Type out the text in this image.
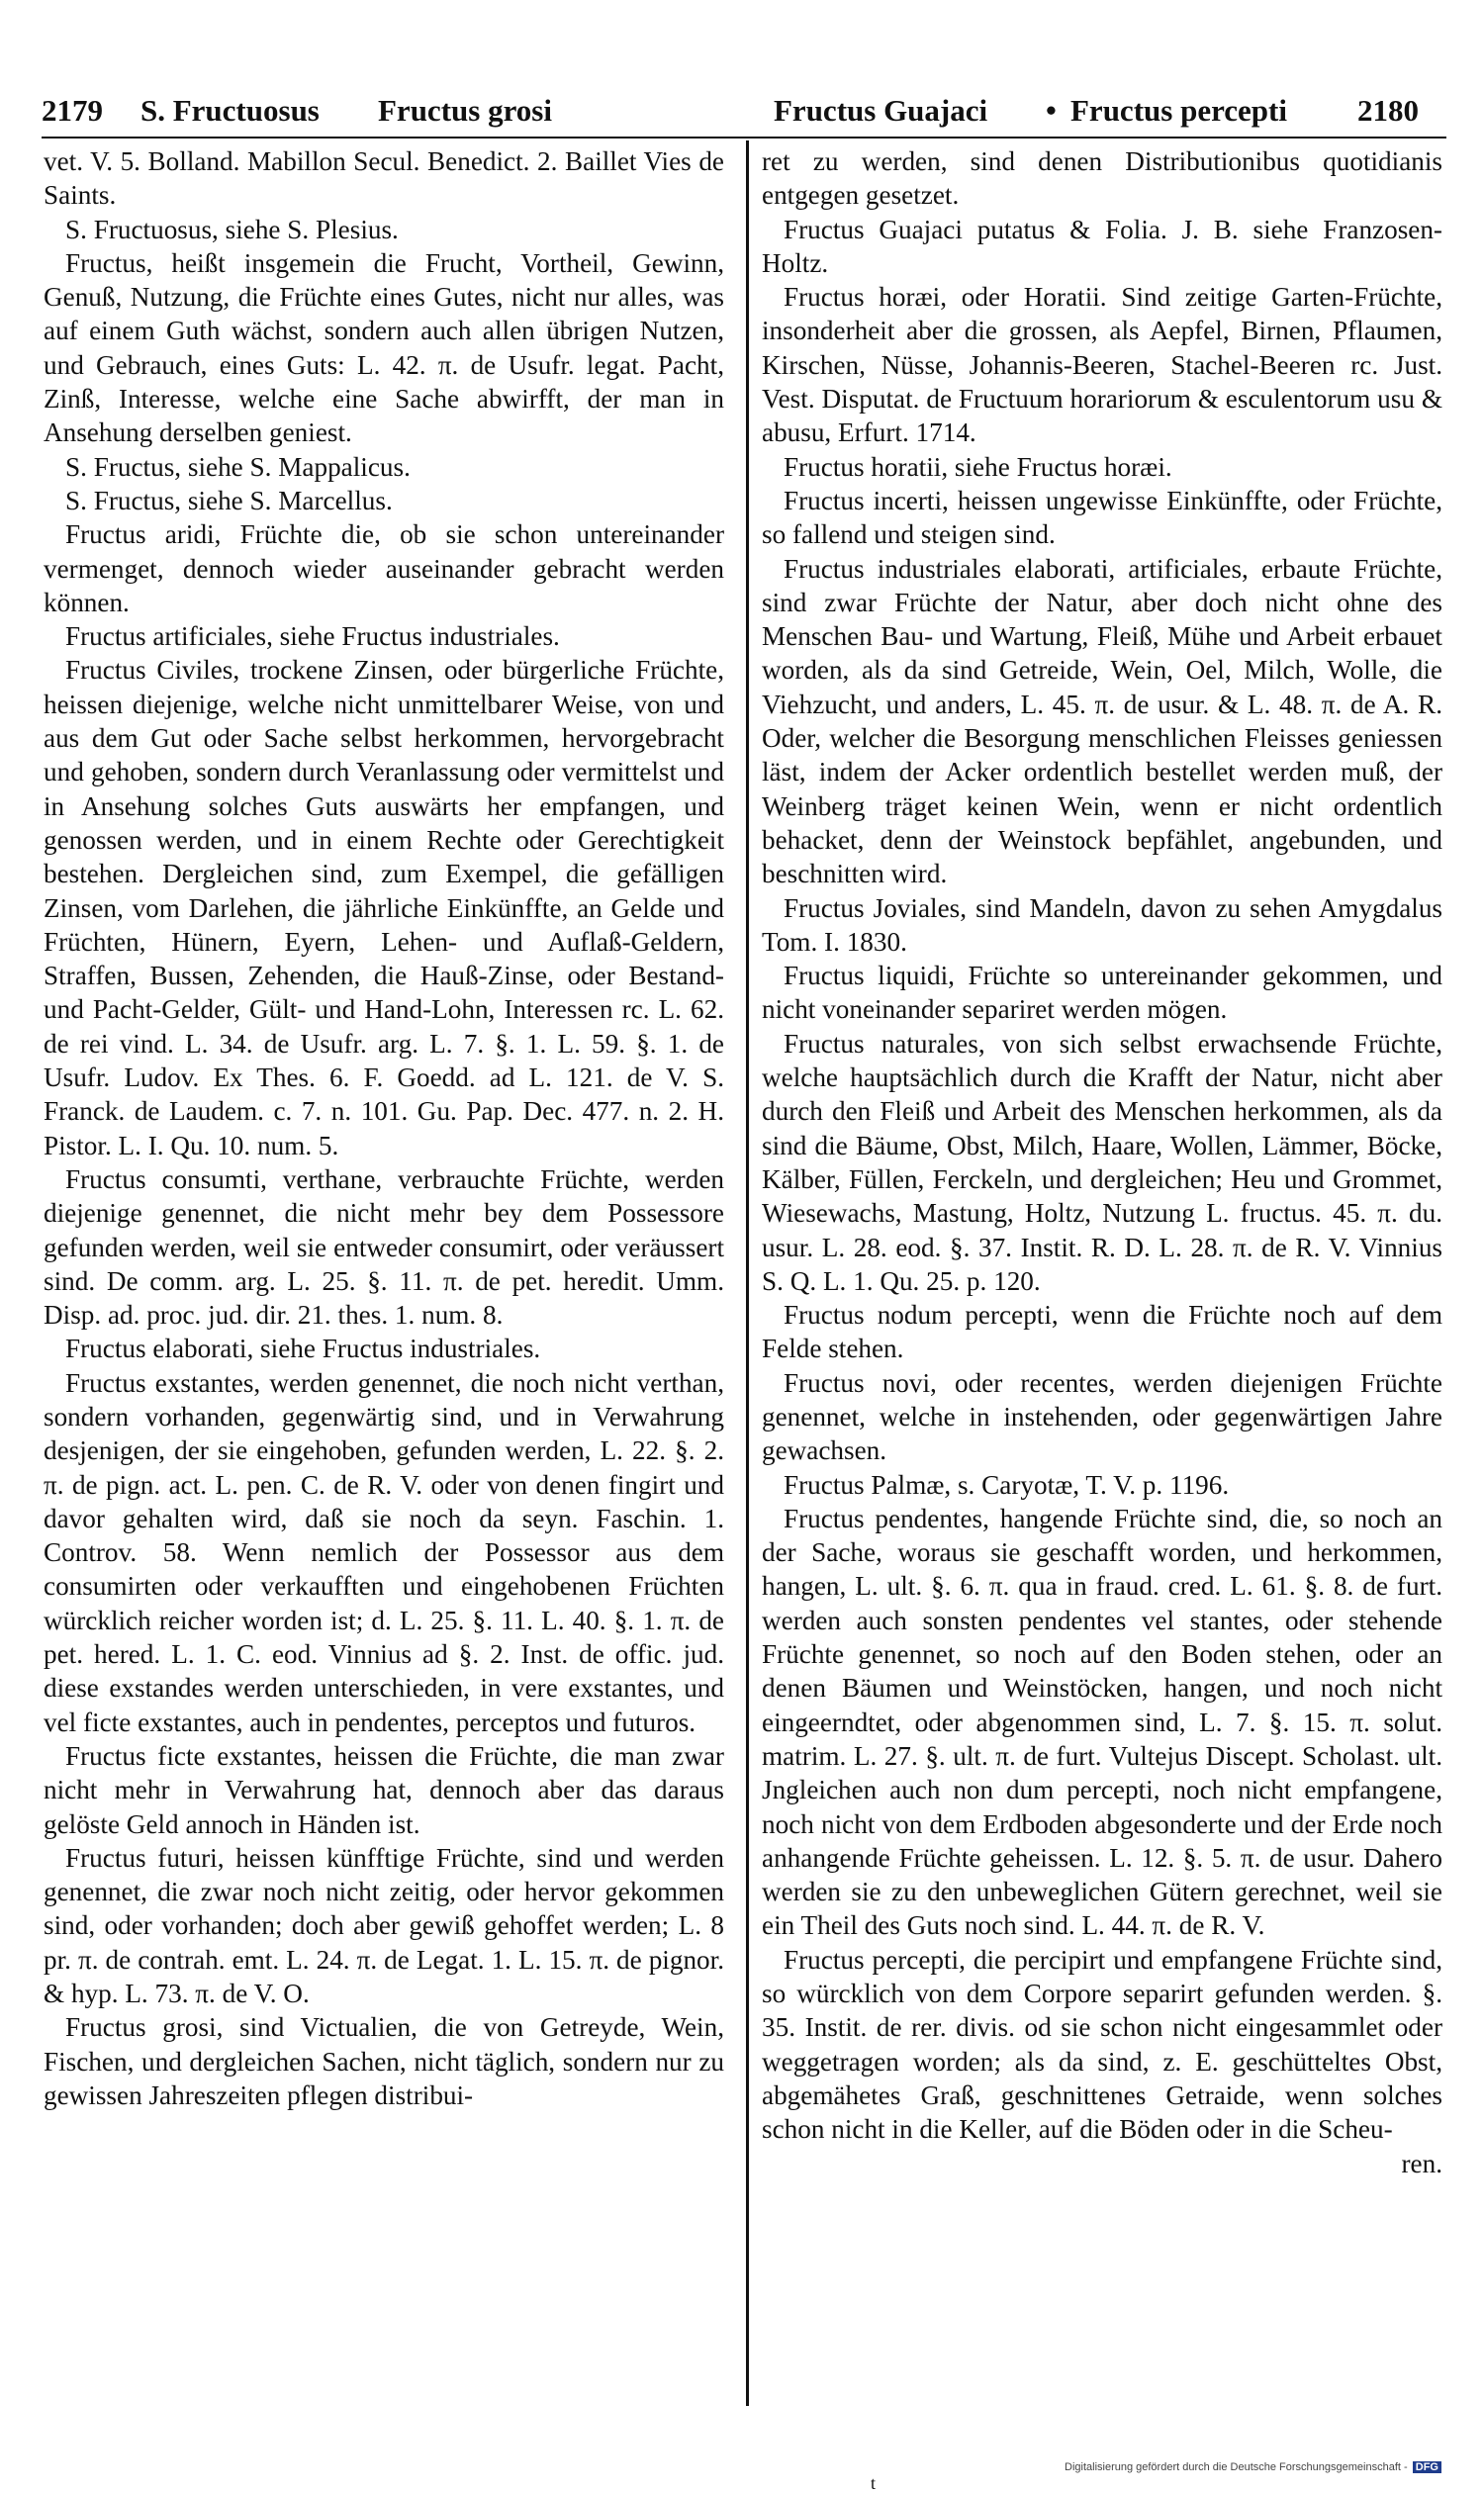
2179 S. Fructuosus Fructus grosi	Fructus Guajaci • Fructus percepti 2180

vet. V. 5. Bolland. Mabillon Secul. Benedict. 2. Baillet Vies de Saints.

S. Fructuosus, siehe S. Plesius.

Fructus, heißt insgemein die Frucht, Vortheil, Gewinn, Genuß, Nutzung, die Früchte eines Gutes, nicht nur alles, was auf einem Guth wächst, sondern auch allen übrigen Nutzen, und Gebrauch, eines Guts: L. 42. π. de Usufr. legat. Pacht, Zinß, Interesse, welche eine Sache abwirfft, der man in Ansehung derselben geniest.

S. Fructus, siehe S. Mappalicus.

S. Fructus, siehe S. Marcellus.

Fructus aridi, Früchte die, ob sie schon untereinander vermenget, dennoch wieder auseinander gebracht werden können.

Fructus artificiales, siehe Fructus industriales.

Fructus Civiles, trockene Zinsen, oder bürgerliche Früchte, heissen diejenige, welche nicht unmittelbarer Weise, von und aus dem Gut oder Sache selbst herkommen, hervorgebracht und gehoben, sondern durch Veranlassung oder vermittelst und in Ansehung solches Guts auswärts her empfangen, und genossen werden, und in einem Rechte oder Gerechtigkeit bestehen. Dergleichen sind, zum Exempel, die gefälligen Zinsen, vom Darlehen, die jährliche Einkünffte, an Gelde und Früchten, Hünern, Eyern, Lehen- und Auflaß-Geldern, Straffen, Bussen, Zehenden, die Hauß-Zinse, oder Bestand- und Pacht-Gelder, Gült- und Hand-Lohn, Interessen rc. L. 62. de rei vind. L. 34. de Usufr. arg. L. 7. §. 1. L. 59. §. 1. de Usufr. Ludov. Ex Thes. 6. F. Goedd. ad L. 121. de V. S. Franck. de Laudem. c. 7. n. 101. Gu. Pap. Dec. 477. n. 2. H. Pistor. L. I. Qu. 10. num. 5.

Fructus consumti, verthane, verbrauchte Früchte, werden diejenige genennet, die nicht mehr bey dem Possessore gefunden werden, weil sie entweder consumirt, oder veräussert sind. De comm. arg. L. 25. §. 11. π. de pet. heredit. Umm. Disp. ad. proc. jud. dir. 21. thes. 1. num. 8.

Fructus elaborati, siehe Fructus industriales.

Fructus exstantes, werden genennet, die noch nicht verthan, sondern vorhanden, gegenwärtig sind, und in Verwahrung desjenigen, der sie eingehoben, gefunden werden, L. 22. §. 2. π. de pign. act. L. pen. C. de R. V. oder von denen fingirt und davor gehalten wird, daß sie noch da seyn. Faschin. 1. Controv. 58. Wenn nemlich der Possessor aus dem consumirten oder verkaufften und eingehobenen Früchten würcklich reicher worden ist; d. L. 25. §. 11. L. 40. §. 1. π. de pet. hered. L. 1. C. eod. Vinnius ad §. 2. Inst. de offic. jud. diese exstandes werden unterschieden, in vere exstantes, und vel ficte exstantes, auch in pendentes, perceptos und futuros.

Fructus ficte exstantes, heissen die Früchte, die man zwar nicht mehr in Verwahrung hat, dennoch aber das daraus gelöste Geld annoch in Händen ist.

Fructus futuri, heissen künfftige Früchte, sind und werden genennet, die zwar noch nicht zeitig, oder hervor gekommen sind, oder vorhanden; doch aber gewiß gehoffet werden; L. 8 pr. π. de contrah. emt. L. 24. π. de Legat. 1. L. 15. π. de pignor. & hyp. L. 73. π. de V. O.

Fructus grosi, sind Victualien, die von Getreyde, Wein, Fischen, und dergleichen Sachen, nicht täglich, sondern nur zu gewissen Jahreszeiten pflegen distribui-

ret zu werden, sind denen Distributionibus quotidianis entgegen gesetzet.

Fructus Guajaci putatus & Folia. J. B. siehe Franzosen-Holtz.

Fructus horæi, oder Horatii. Sind zeitige Garten-Früchte, insonderheit aber die grossen, als Aepfel, Birnen, Pflaumen, Kirschen, Nüsse, Johannis-Beeren, Stachel-Beeren rc. Just. Vest. Disputat. de Fructuum horariorum & esculentorum usu & abusu, Erfurt. 1714.

Fructus horatii, siehe Fructus horæi.

Fructus incerti, heissen ungewisse Einkünffte, oder Früchte, so fallend und steigen sind.

Fructus industriales elaborati, artificiales, erbaute Früchte, sind zwar Früchte der Natur, aber doch nicht ohne des Menschen Bau- und Wartung, Fleiß, Mühe und Arbeit erbauet worden, als da sind Getreide, Wein, Oel, Milch, Wolle, die Viehzucht, und anders, L. 45. π. de usur. & L. 48. π. de A. R. Oder, welcher die Besorgung menschlichen Fleisses geniessen läst, indem der Acker ordentlich bestellet werden muß, der Weinberg träget keinen Wein, wenn er nicht ordentlich behacket, denn der Weinstock bepfählet, angebunden, und beschnitten wird.

Fructus Joviales, sind Mandeln, davon zu sehen Amygdalus Tom. I. 1830.

Fructus liquidi, Früchte so untereinander gekommen, und nicht voneinander separiret werden mögen.

Fructus naturales, von sich selbst erwachsende Früchte, welche hauptsächlich durch die Krafft der Natur, nicht aber durch den Fleiß und Arbeit des Menschen herkommen, als da sind die Bäume, Obst, Milch, Haare, Wollen, Lämmer, Böcke, Kälber, Füllen, Ferckeln, und dergleichen; Heu und Grommet, Wiesewachs, Mastung, Holtz, Nutzung L. fructus. 45. π. du. usur. L. 28. eod. §. 37. Instit. R. D. L. 28. π. de R. V. Vinnius S. Q. L. 1. Qu. 25. p. 120.

Fructus nodum percepti, wenn die Früchte noch auf dem Felde stehen.

Fructus novi, oder recentes, werden diejenigen Früchte genennet, welche in instehenden, oder gegenwärtigen Jahre gewachsen.

Fructus Palmæ, s. Caryotæ, T. V. p. 1196.

Fructus pendentes, hangende Früchte sind, die, so noch an der Sache, woraus sie geschafft worden, und herkommen, hangen, L. ult. §. 6. π. qua in fraud. cred. L. 61. §. 8. de furt. werden auch sonsten pendentes vel stantes, oder stehende Früchte genennet, so noch auf den Boden stehen, oder an denen Bäumen und Weinstöcken, hangen, und noch nicht eingeerndtet, oder abgenommen sind, L. 7. §. 15. π. solut. matrim. L. 27. §. ult. π. de furt. Vultejus Discept. Scholast. ult. Jngleichen auch non dum percepti, noch nicht empfangene, noch nicht von dem Erdboden abgesonderte und der Erde noch anhangende Früchte geheissen. L. 12. §. 5. π. de usur. Dahero werden sie zu den unbeweglichen Gütern gerechnet, weil sie ein Theil des Guts noch sind. L. 44. π. de R. V.

Fructus percepti, die percipirt und empfangene Früchte sind, so würcklich von dem Corpore separirt gefunden werden. §. 35. Instit. de rer. divis. od sie schon nicht eingesammlet oder weggetragen worden; als da sind, z. E. geschütteltes Obst, abgemähetes Graß, geschnittenes Getraide, wenn solches schon nicht in die Keller, auf die Böden oder in die Scheu-

ren.

t
Digitalisierung gefördert durch die Deutsche Forschungsgemeinschaft - DFG
